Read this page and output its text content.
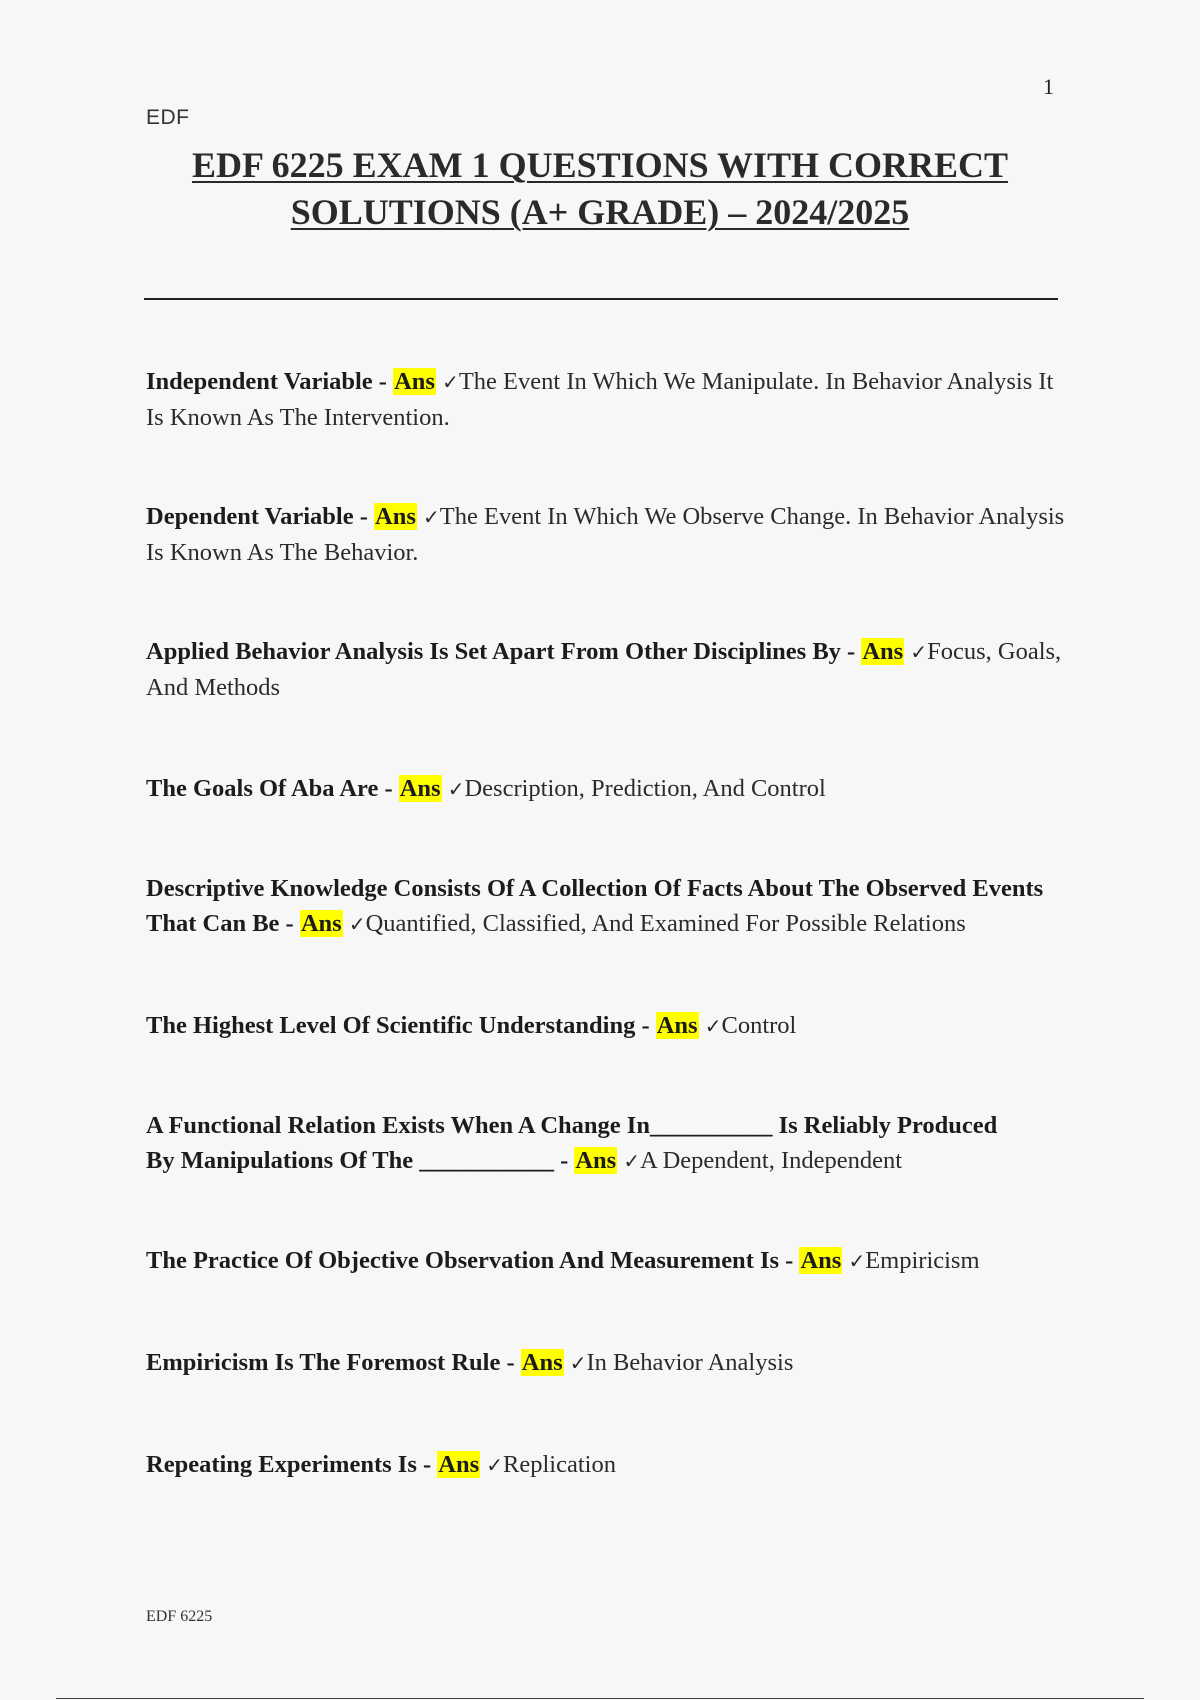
1
EDF
EDF 6225 EXAM 1 QUESTIONS WITH CORRECT
SOLUTIONS (A+ GRADE) – 2024/2025
Independent Variable - Ans ✓The Event In Which We Manipulate. In Behavior Analysis It Is Known As The Intervention.
Dependent Variable - Ans ✓The Event In Which We Observe Change. In Behavior Analysis Is Known As The Behavior.
Applied Behavior Analysis Is Set Apart From Other Disciplines By - Ans ✓Focus, Goals, And Methods
The Goals Of Aba Are - Ans ✓Description, Prediction, And Control
Descriptive Knowledge Consists Of A Collection Of Facts About The Observed Events That Can Be - Ans ✓Quantified, Classified, And Examined For Possible Relations
The Highest Level Of Scientific Understanding - Ans ✓Control
A Functional Relation Exists When A Change In__________ Is Reliably Produced By Manipulations Of The ___________ - Ans ✓A Dependent, Independent
The Practice Of Objective Observation And Measurement Is - Ans ✓Empiricism
Empiricism Is The Foremost Rule - Ans ✓In Behavior Analysis
Repeating Experiments Is - Ans ✓Replication
EDF 6225
